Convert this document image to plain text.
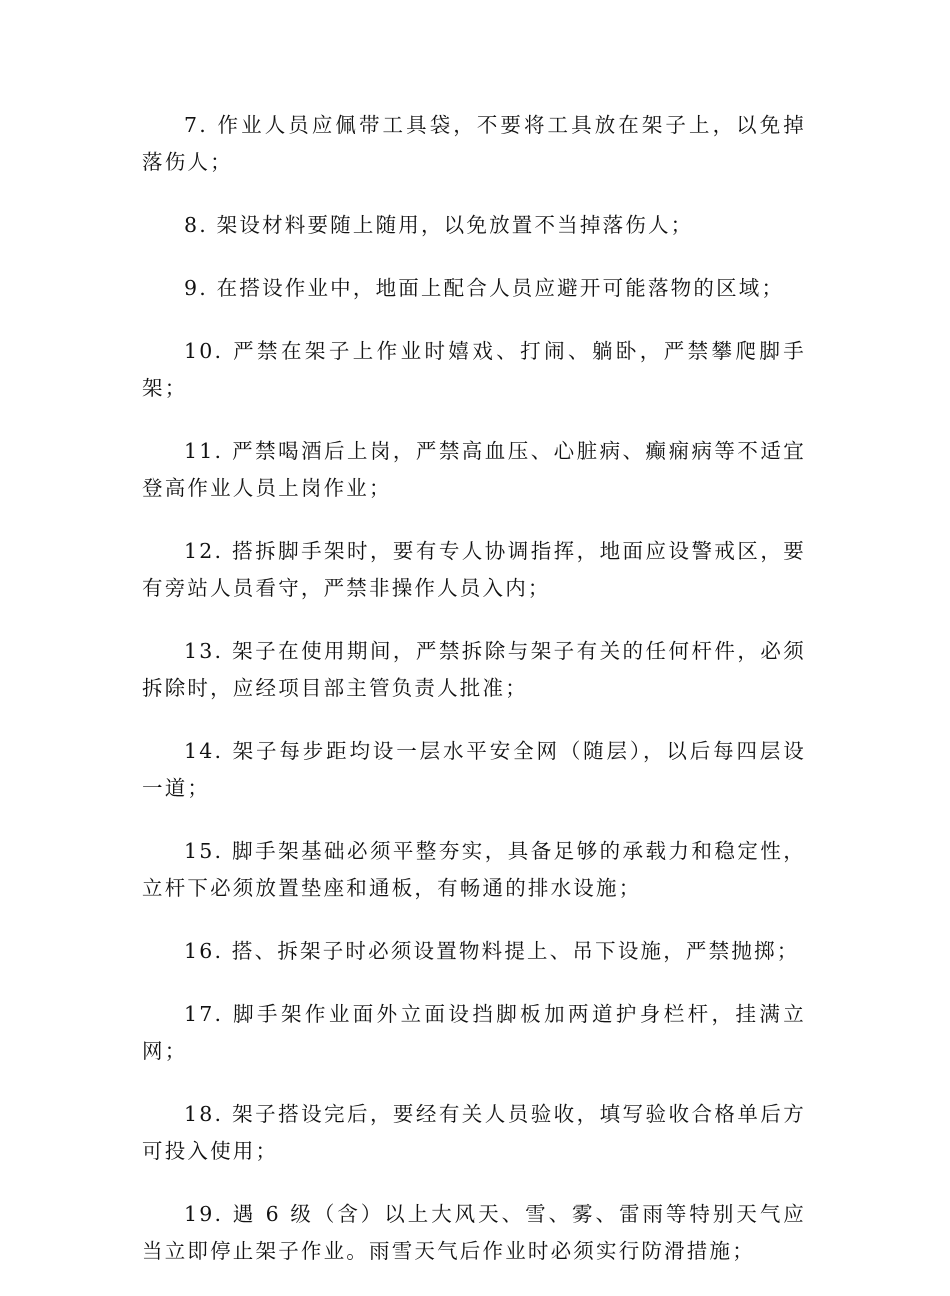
7. 作业人员应佩带工具袋，不要将工具放在架子上，以免掉落伤人；

8. 架设材料要随上随用，以免放置不当掉落伤人；

9. 在搭设作业中，地面上配合人员应避开可能落物的区域；

10. 严禁在架子上作业时嬉戏、打闹、躺卧，严禁攀爬脚手架；

11. 严禁喝酒后上岗，严禁高血压、心脏病、癫痫病等不适宜登高作业人员上岗作业；

12. 搭拆脚手架时，要有专人协调指挥，地面应设警戒区，要有旁站人员看守，严禁非操作人员入内；

13. 架子在使用期间，严禁拆除与架子有关的任何杆件，必须拆除时，应经项目部主管负责人批准；

14. 架子每步距均设一层水平安全网（随层），以后每四层设一道；

15. 脚手架基础必须平整夯实，具备足够的承载力和稳定性，立杆下必须放置垫座和通板，有畅通的排水设施；

16. 搭、拆架子时必须设置物料提上、吊下设施，严禁抛掷；

17. 脚手架作业面外立面设挡脚板加两道护身栏杆，挂满立网；

18. 架子搭设完后，要经有关人员验收，填写验收合格单后方可投入使用；

19. 遇 6 级（含）以上大风天、雪、雾、雷雨等特别天气应当立即停止架子作业。雨雪天气后作业时必须实行防滑措施；
